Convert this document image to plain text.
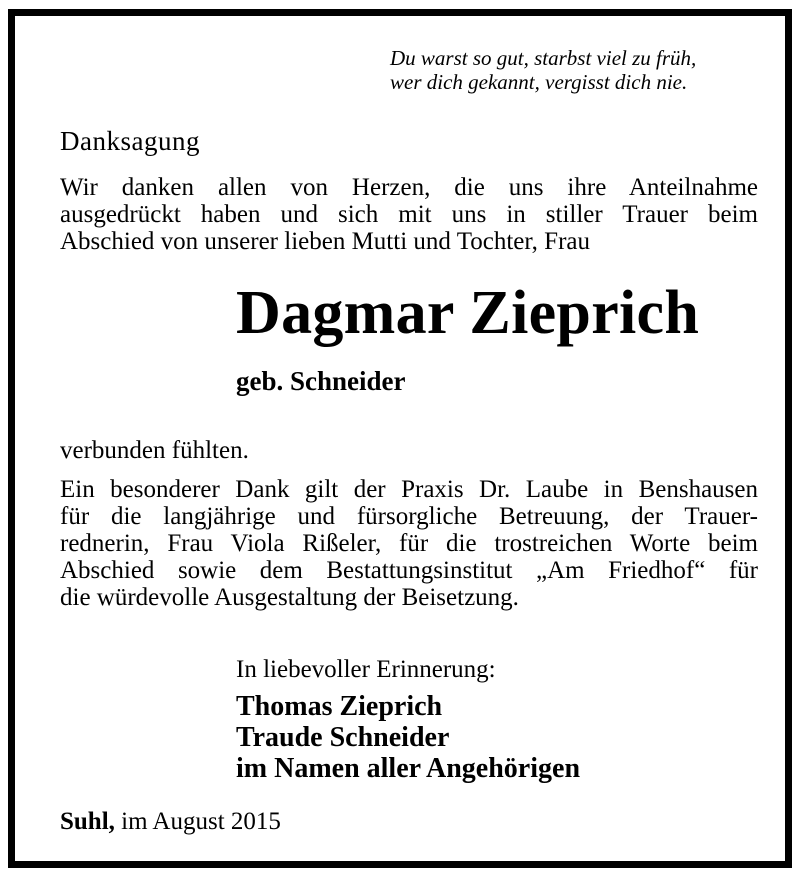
Du warst so gut, starbst viel zu früh,
wer dich gekannt, vergisst dich nie.
Danksagung
Wir danken allen von Herzen, die uns ihre Anteilnahme
ausgedrückt haben und sich mit uns in stiller Trauer beim
Abschied von unserer lieben Mutti und Tochter, Frau
Dagmar Zieprich
geb. Schneider
verbunden fühlten.
Ein besonderer Dank gilt der Praxis Dr. Laube in Benshausen
für die langjährige und fürsorgliche Betreuung, der Trauer-
rednerin, Frau Viola Rißeler, für die trostreichen Worte beim
Abschied sowie dem Bestattungsinstitut „Am Friedhof“ für
die würdevolle Ausgestaltung der Beisetzung.
In liebevoller Erinnerung:
Thomas Zieprich
Traude Schneider
im Namen aller Angehörigen
Suhl, im August 2015
